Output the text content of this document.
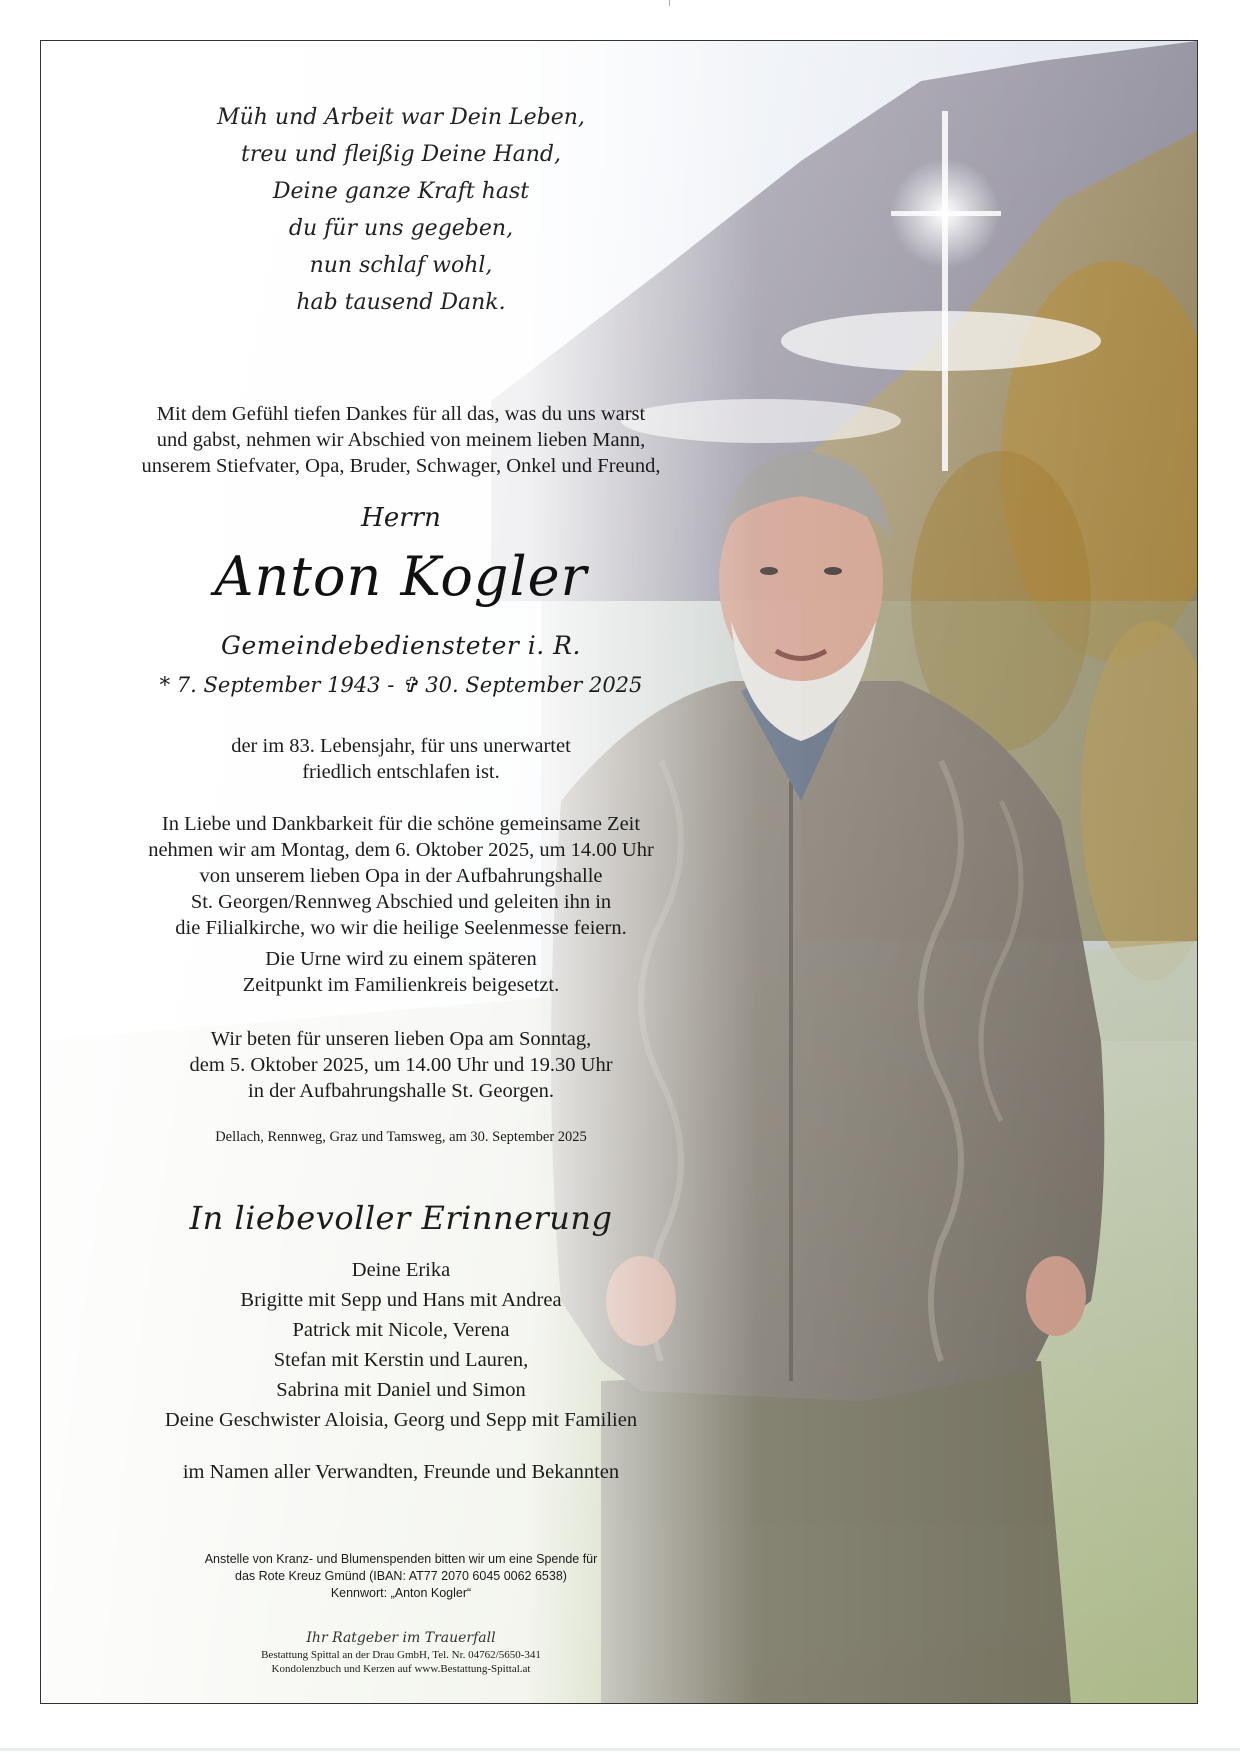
Müh und Arbeit war Dein Leben,
treu und fleißig Deine Hand,
Deine ganze Kraft hast
du für uns gegeben,
nun schlaf wohl,
hab tausend Dank.
Mit dem Gefühl tiefen Dankes für all das, was du uns warst
und gabst, nehmen wir Abschied von meinem lieben Mann,
unserem Stiefvater, Opa, Bruder, Schwager, Onkel und Freund,
Herrn
Anton Kogler
Gemeindebediensteter i. R.
* 7. September 1943 - ✞ 30. September 2025
der im 83. Lebensjahr, für uns unerwartet
friedlich entschlafen ist.
In Liebe und Dankbarkeit für die schöne gemeinsame Zeit
nehmen wir am Montag, dem 6. Oktober 2025, um 14.00 Uhr
von unserem lieben Opa in der Aufbahrungshalle
St. Georgen/Rennweg Abschied und geleiten ihn in
die Filialkirche, wo wir die heilige Seelenmesse feiern.
Die Urne wird zu einem späteren
Zeitpunkt im Familienkreis beigesetzt.
Wir beten für unseren lieben Opa am Sonntag,
dem 5. Oktober 2025, um 14.00 Uhr und 19.30 Uhr
in der Aufbahrungshalle St. Georgen.
Dellach, Rennweg, Graz und Tamsweg, am 30. September 2025
In liebevoller Erinnerung
Deine Erika
Brigitte mit Sepp und Hans mit Andrea
Patrick mit Nicole, Verena
Stefan mit Kerstin und Lauren,
Sabrina mit Daniel und Simon
Deine Geschwister Aloisia, Georg und Sepp mit Familien
im Namen aller Verwandten, Freunde und Bekannten
Anstelle von Kranz- und Blumenspenden bitten wir um eine Spende für
das Rote Kreuz Gmünd (IBAN: AT77 2070 6045 0062 6538)
Kennwort: „Anton Kogler“
Ihr Ratgeber im Trauerfall
Bestattung Spittal an der Drau GmbH, Tel. Nr. 04762/5650-341
Kondolenzbuch und Kerzen auf www.Bestattung-Spittal.at
